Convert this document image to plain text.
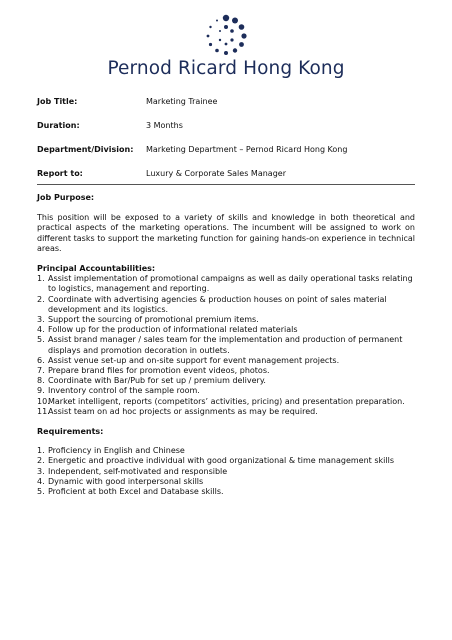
Pernod Ricard Hong Kong
Job Title:	Marketing Trainee
Duration:	3 Months
Department/Division: Marketing Department – Pernod Ricard Hong Kong
Report to:	Luxury & Corporate Sales Manager

Job Purpose:

This position will be exposed to a variety of skills and knowledge in both theoretical and practical aspects of the marketing operations. The incumbent will be assigned to work on different tasks to support the marketing function for gaining hands-on experience in technical areas.

Principal Accountabilities:

1. Assist implementation of promotional campaigns as well as daily operational tasks relating to logistics, management and reporting.
2. Coordinate with advertising agencies & production houses on point of sales material development and its logistics.
3. Support the sourcing of promotional premium items.
4. Follow up for the production of informational related materials
5. Assist brand manager / sales team for the implementation and production of permanent displays and promotion decoration in outlets.
6. Assist venue set-up and on-site support for event management projects.
7. Prepare brand files for promotion event videos, photos.
8. Coordinate with Bar/Pub for set up / premium delivery.
9. Inventory control of the sample room.
10.
Market intelligent, reports (competitors’ activities, pricing) and presentation preparation.
11.
Assist team on ad hoc projects or assignments as may be required.

Requirements:

1. Proficiency in English and Chinese
2. Energetic and proactive individual with good organizational & time management skills
3. Independent, self-motivated and responsible
4. Dynamic with good interpersonal skills
5. Proficient at both Excel and Database skills.
